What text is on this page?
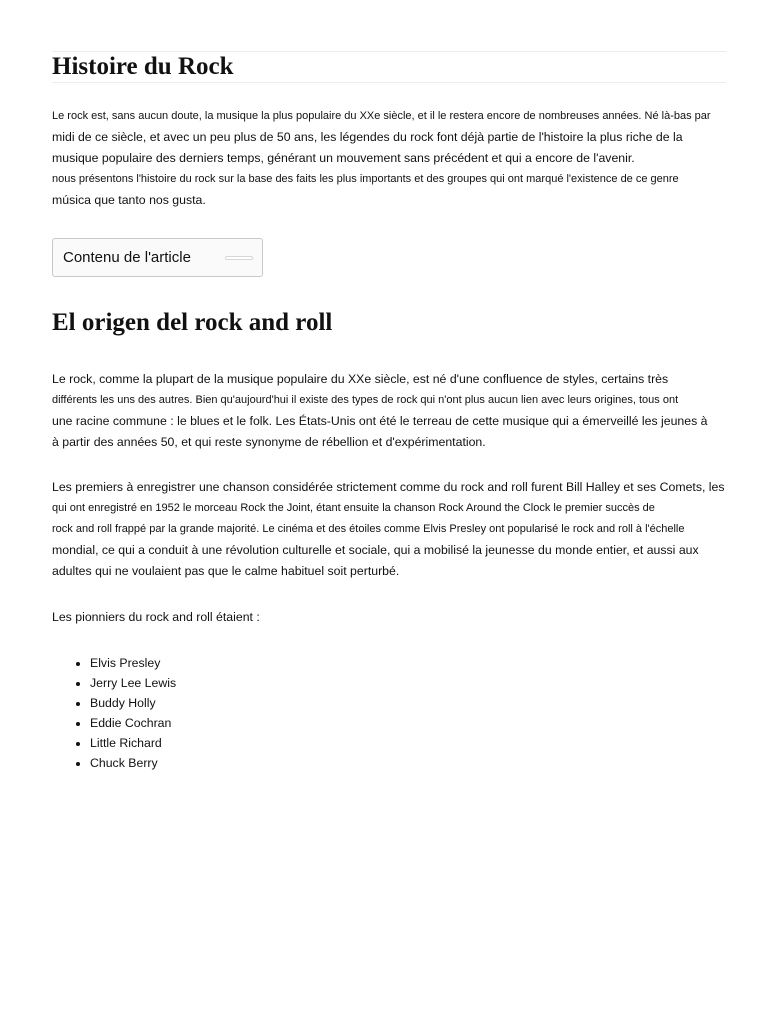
Histoire du Rock
Le rock est, sans aucun doute, la musique la plus populaire du XXe siècle, et il le restera encore de nombreuses années. Né là-bas par
midi de ce siècle, et avec un peu plus de 50 ans, les légendes du rock font déjà partie de l'histoire la plus riche de la
musique populaire des derniers temps, générant un mouvement sans précédent et qui a encore de l'avenir.
nous présentons l'histoire du rock sur la base des faits les plus importants et des groupes qui ont marqué l'existence de ce genre
música que tanto nos gusta.
Contenu de l'article
El origen del rock and roll
Le rock, comme la plupart de la musique populaire du XXe siècle, est né d'une confluence de styles, certains très
différents les uns des autres. Bien qu'aujourd'hui il existe des types de rock qui n'ont plus aucun lien avec leurs origines, tous ont
une racine commune : le blues et le folk. Les États-Unis ont été le terreau de cette musique qui a émerveillé les jeunes à
à partir des années 50, et qui reste synonyme de rébellion et d'expérimentation.
Les premiers à enregistrer une chanson considérée strictement comme du rock and roll furent Bill Halley et ses Comets, les
qui ont enregistré en 1952 le morceau Rock the Joint, étant ensuite la chanson Rock Around the Clock le premier succès de
rock and roll frappé par la grande majorité. Le cinéma et des étoiles comme Elvis Presley ont popularisé le rock and roll à l'échelle
mondial, ce qui a conduit à une révolution culturelle et sociale, qui a mobilisé la jeunesse du monde entier, et aussi aux
adultes qui ne voulaient pas que le calme habituel soit perturbé.
Les pionniers du rock and roll étaient :
• Elvis Presley
• Jerry Lee Lewis
• Buddy Holly
• Eddie Cochran
• Little Richard
• Chuck Berry
